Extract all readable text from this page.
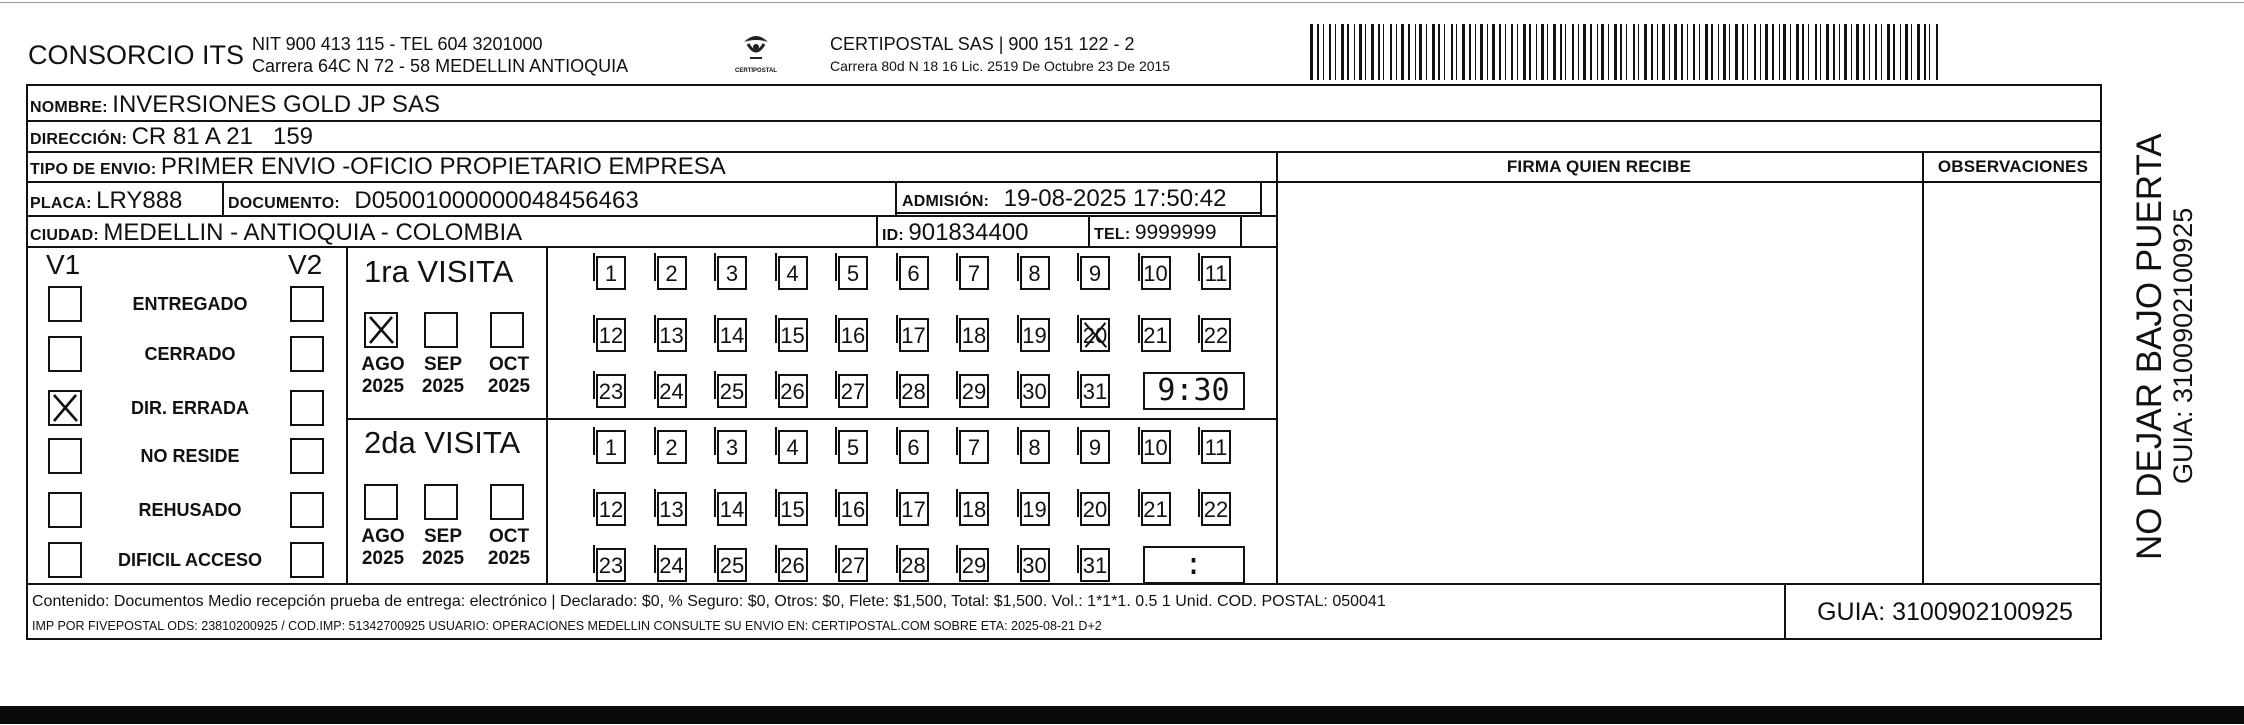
CONSORCIO ITS NIT 900 413 115 - TEL 604 3201000
Carrera 64C N 72 - 58 MEDELLIN ANTIOQUIA	CERTIPOSTAL
CERTIPOSTAL SAS | 900 151 122 - 2
Carrera 80d N 18 16 Lic. 2519 De Octubre 23 De 2015
NOMBRE: INVERSIONES GOLD JP SAS
DIRECCIÓN: CR 81 A 21   159
TIPO DE ENVIO: PRIMER ENVIO -OFICIO PROPIETARIO EMPRESA
PLACA: LRY888	DOCUMENTO: D05001000000048456463	ADMISIÓN: 19-08-2025 17:50:42
CIUDAD: MEDELLIN - ANTIOQUIA - COLOMBIA	ID: 901834400	TEL: 9999999
FIRMA QUIEN RECIBE	OBSERVACIONES
V1	V2
ENTREGADO
CERRADO
DIR. ERRADA
NO RESIDE
REHUSADO
DIFICIL ACCESO
1ra VISITA
2da VISITA
AGO
2025
SEP
2025
OCT
2025
AGO
2025
SEP
2025
OCT
2025
1	2	3	4	5	6	7	8	9	10 11
12 13 14 15 16 17 18 19 20 21 22
23 24 25 26 27 28 29 30 31	9:30
1	2	3	4	5	6	7	8	9	10 11
12 13 14 15 16 17 18 19 20 21 22
23 24 25 26 27 28 29 30 31	:
Contenido: Documentos Medio recepción prueba de entrega: electrónico | Declarado: $0, % Seguro: $0, Otros: $0, Flete: $1,500, Total: $1,500. Vol.: 1*1*1. 0.5 1 Unid. COD. POSTAL: 050041
IMP POR FIVEPOSTAL ODS: 23810200925 / COD.IMP: 51342700925 USUARIO: OPERACIONES MEDELLIN CONSULTE SU ENVIO EN: CERTIPOSTAL.COM SOBRE ETA: 2025-08-21 D+2	GUIA: 3100902100925
NO DEJAR BAJO PUERTA GUIA: 3100902100925
